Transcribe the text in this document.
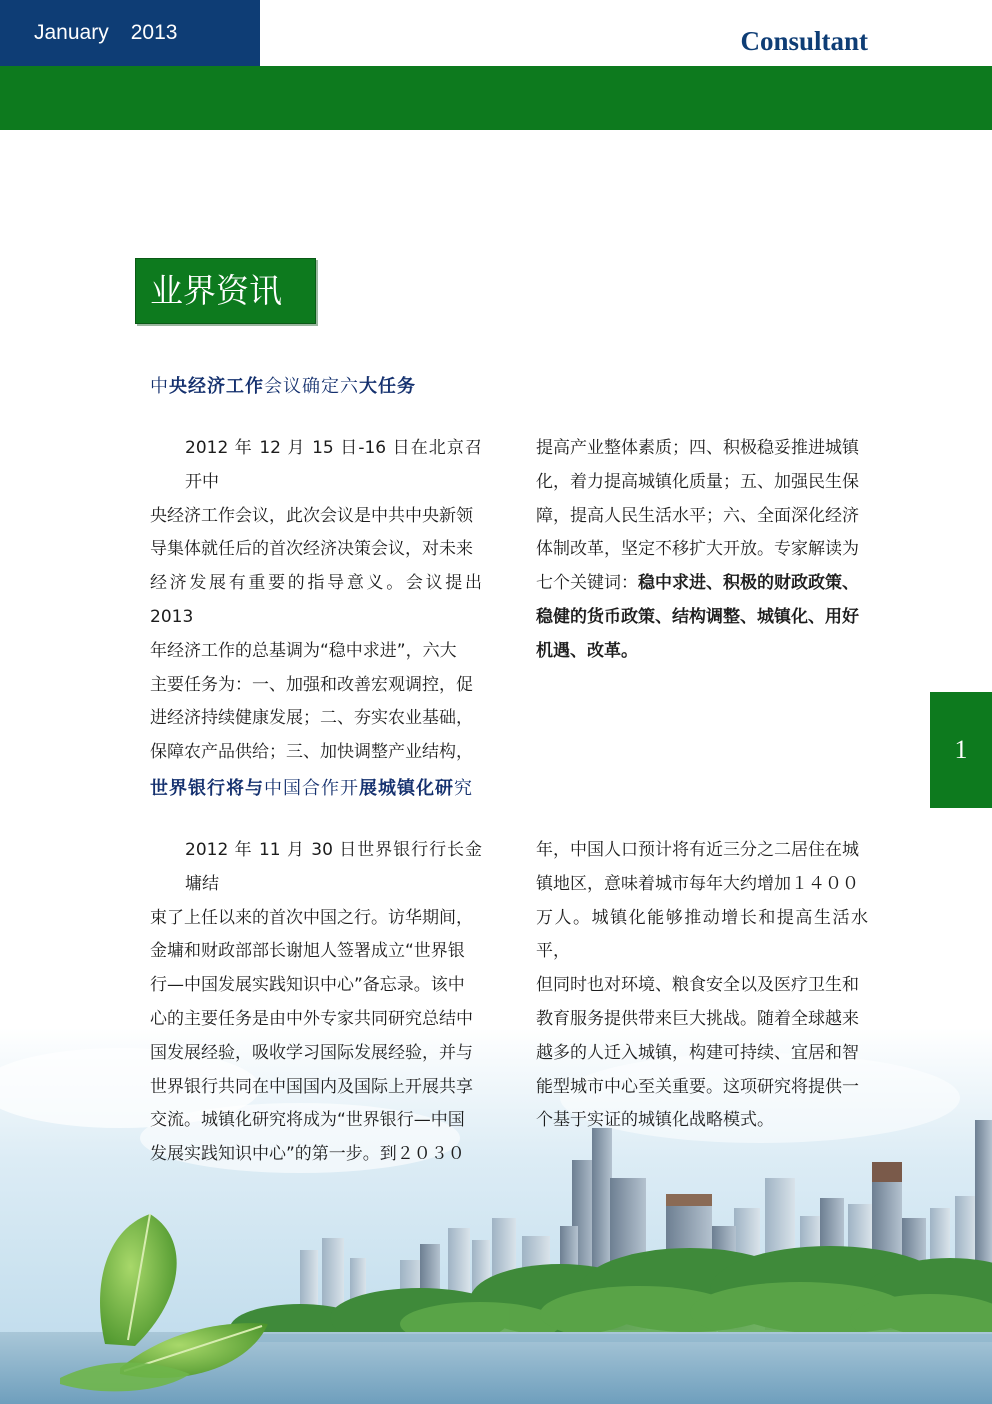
January 2013	Consultant
业界资讯
中央经济工作会议确定六大任务
2012 年 12 月 15 日-16 日在北京召开中
央经济工作会议，此次会议是中共中央新领
导集体就任后的首次经济决策会议，对未来
经济发展有重要的指导意义。会议提出 2013
年经济工作的总基调为“稳中求进”，六大
主要任务为：一、加强和改善宏观调控，促
进经济持续健康发展；二、夯实农业基础，
保障农产品供给；三、加快调整产业结构，
提高产业整体素质；四、积极稳妥推进城镇
化，着力提高城镇化质量；五、加强民生保
障，提高人民生活水平；六、全面深化经济
体制改革，坚定不移扩大开放。专家解读为
七个关键词：稳中求进、积极的财政政策、
稳健的货币政策、结构调整、城镇化、用好
机遇、改革。
世界银行将与中国合作开展城镇化研究
2012 年 11 月 30 日世界银行行长金墉结
束了上任以来的首次中国之行。访华期间，
金墉和财政部部长谢旭人签署成立“世界银
行—中国发展实践知识中心”备忘录。该中
心的主要任务是由中外专家共同研究总结中
国发展经验，吸收学习国际发展经验，并与
世界银行共同在中国国内及国际上开展共享
交流。城镇化研究将成为“世界银行—中国
发展实践知识中心”的第一步。到２０３０
年，中国人口预计将有近三分之二居住在城
镇地区，意味着城市每年大约增加１４００
万人。城镇化能够推动增长和提高生活水平，
但同时也对环境、粮食安全以及医疗卫生和
教育服务提供带来巨大挑战。随着全球越来
越多的人迁入城镇，构建可持续、宜居和智
能型城市中心至关重要。这项研究将提供一
个基于实证的城镇化战略模式。
1
